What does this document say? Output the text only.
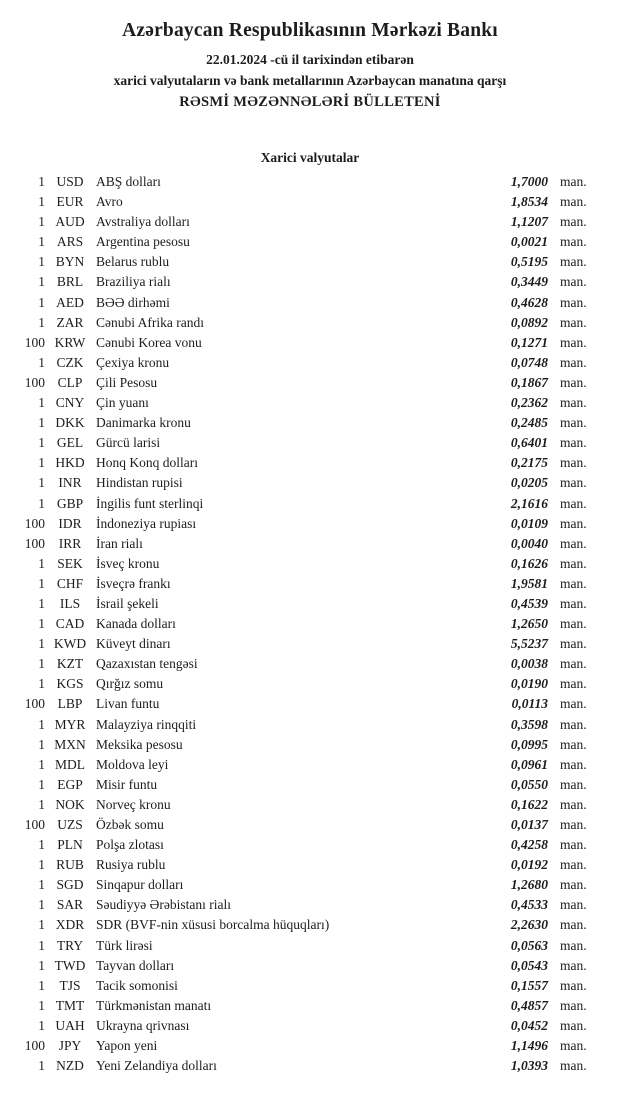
Azərbaycan Respublikasının Mərkəzi Bankı
22.01.2024 -cü il tarixindən etibarən
xarici valyutaların və bank metallarının Azərbaycan manatına qarşı
RƏSMİ MƏZƏNNƏLƏRİ BÜLLETENİ
Xarici valyutalar
1 USD ABŞ dolları	1,7000 man.
1 EUR Avro	1,8534 man.
1 AUD Avstraliya dolları	1,1207 man.
1 ARS Argentina pesosu	0,0021 man.
1 BYN Belarus rublu	0,5195 man.
1 BRL Braziliya rialı	0,3449 man.
1 AED BƏƏ dirhəmi	0,4628 man.
1 ZAR Cənubi Afrika randı	0,0892 man.
100 KRW Cənubi Korea vonu	0,1271 man.
1 CZK Çexiya kronu	0,0748 man.
100 CLP	Çili Pesosu	0,1867 man.
1 CNY Çin yuanı	0,2362 man.
1 DKK Danimarka kronu	0,2485 man.
1 GEL Gürcü larisi	0,6401 man.
1 HKD Honq Konq dolları	0,2175 man.
1 INR	Hindistan rupisi	0,0205 man.
1 GBP İngilis funt sterlinqi	2,1616 man.
100 IDR	İndoneziya rupiası	0,0109 man.
100	IRR	İran rialı	0,0040 man.
1 SEK İsveç kronu	0,1626 man.
1 CHF İsveçrə frankı	1,9581 man.
1	ILS	İsrail şekeli	0,4539 man.
1 CAD Kanada dolları	1,2650 man.
1 KWD Küveyt dinarı	5,5237 man.
1 KZT Qazaxıstan tengəsi	0,0038 man.
1 KGS Qırğız somu	0,0190 man.
100 LBP	Livan funtu	0,0113 man.
1 MYR Malayziya rinqqiti	0,3598 man.
1 MXN Meksika pesosu	0,0995 man.
1 MDL Moldova leyi	0,0961 man.
1 EGP Misir funtu	0,0550 man.
1 NOK Norveç kronu	0,1622 man.
100 UZS Özbək somu	0,0137 man.
1 PLN Polşa zlotası	0,4258 man.
1 RUB Rusiya rublu	0,0192 man.
1 SGD Sinqapur dolları	1,2680 man.
1 SAR Səudiyyə Ərəbistanı rialı	0,4533 man.
1 XDR SDR (BVF-nin xüsusi borcalma hüquqları)	2,2630 man.
1 TRY Türk lirəsi	0,0563 man.
1 TWD Tayvan dolları	0,0543 man.
1	TJS	Tacik somonisi	0,1557 man.
1 TMT Türkmənistan manatı	0,4857 man.
1 UAH Ukrayna qrivnası	0,0452 man.
100	JPY	Yapon yeni	1,1496 man.
1 NZD Yeni Zelandiya dolları	1,0393 man.
